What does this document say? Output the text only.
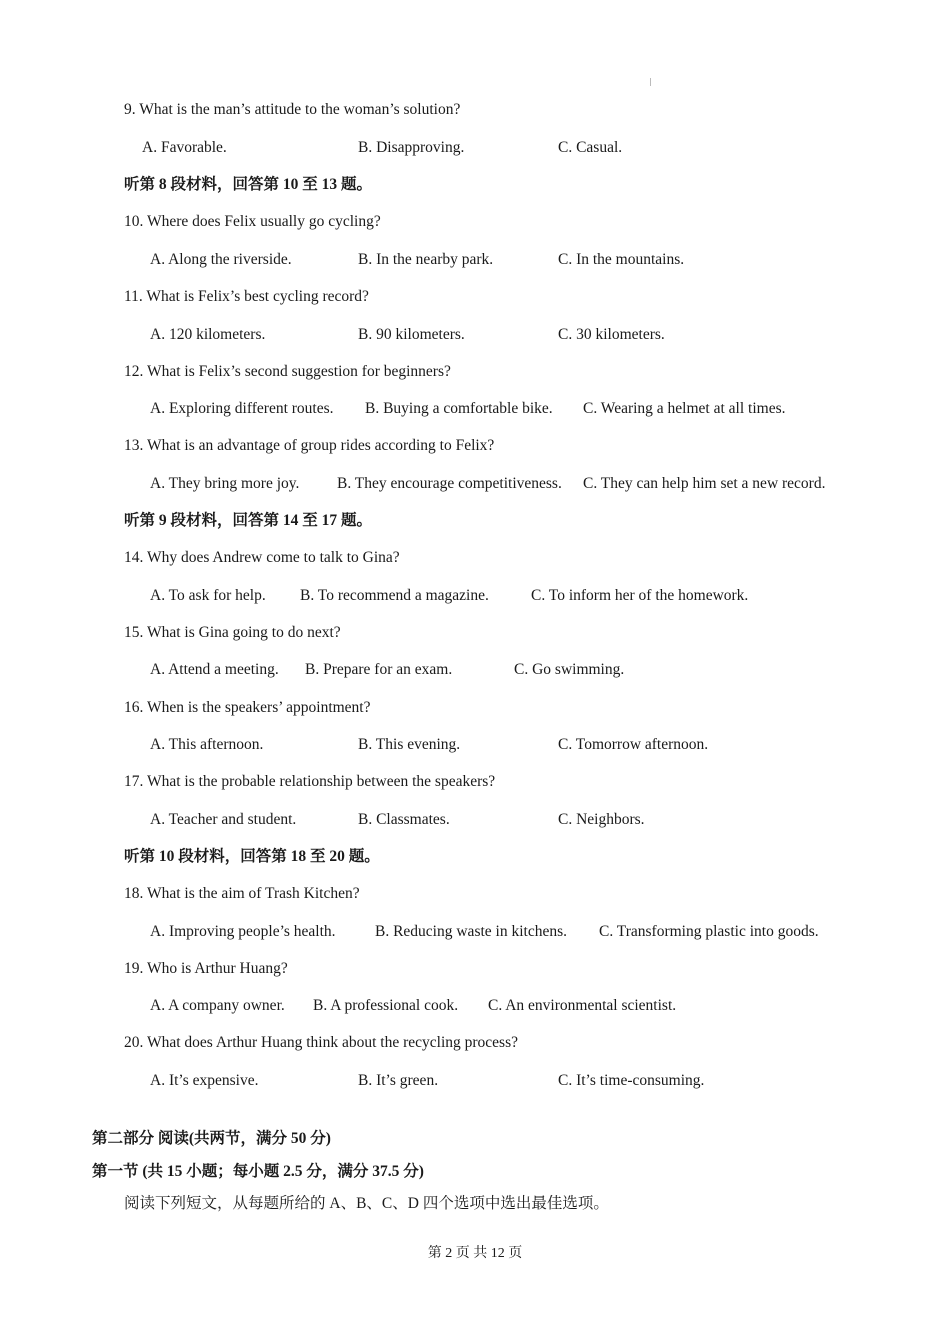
9. What is the man’s attitude to the woman’s solution?
A. Favorable.	B. Disapproving.	C. Casual.
听第 8 段材料，回答第 10 至 13 题。
10. Where does Felix usually go cycling?
A. Along the riverside.	B. In the nearby park.	C. In the mountains.
11. What is Felix’s best cycling record?
A. 120 kilometers.	B. 90 kilometers.	C. 30 kilometers.
12. What is Felix’s second suggestion for beginners?
A. Exploring different routes. B. Buying a comfortable bike. C. Wearing a helmet at all times.
13. What is an advantage of group rides according to Felix?
A. They bring more joy. B. They encourage competitiveness. C. They can help him set a new record.
听第 9 段材料，回答第 14 至 17 题。
14. Why does Andrew come to talk to Gina?
A. To ask for help. B. To recommend a magazine.	C. To inform her of the homework.
15. What is Gina going to do next?
A. Attend a meeting. B. Prepare for an exam.	C. Go swimming.
16. When is the speakers’ appointment?
A. This afternoon.	B. This evening.	C. Tomorrow afternoon.
17. What is the probable relationship between the speakers?
A. Teacher and student.	B. Classmates.	C. Neighbors.
听第 10 段材料，回答第 18 至 20 题。
18. What is the aim of Trash Kitchen?
A. Improving people’s health.	B. Reducing waste in kitchens. C. Transforming plastic into goods.
19. Who is Arthur Huang?
A. A company owner. B. A professional cook. C. An environmental scientist.
20. What does Arthur Huang think about the recycling process?
A. It’s expensive.	B. It’s green.	C. It’s time-consuming.
第二部分 阅读(共两节，满分 50 分)
第一节 (共 15 小题；每小题 2.5 分，满分 37.5 分)
阅读下列短文，从每题所给的 A、B、C、D 四个选项中选出最佳选项。
第 2 页 共 12 页
